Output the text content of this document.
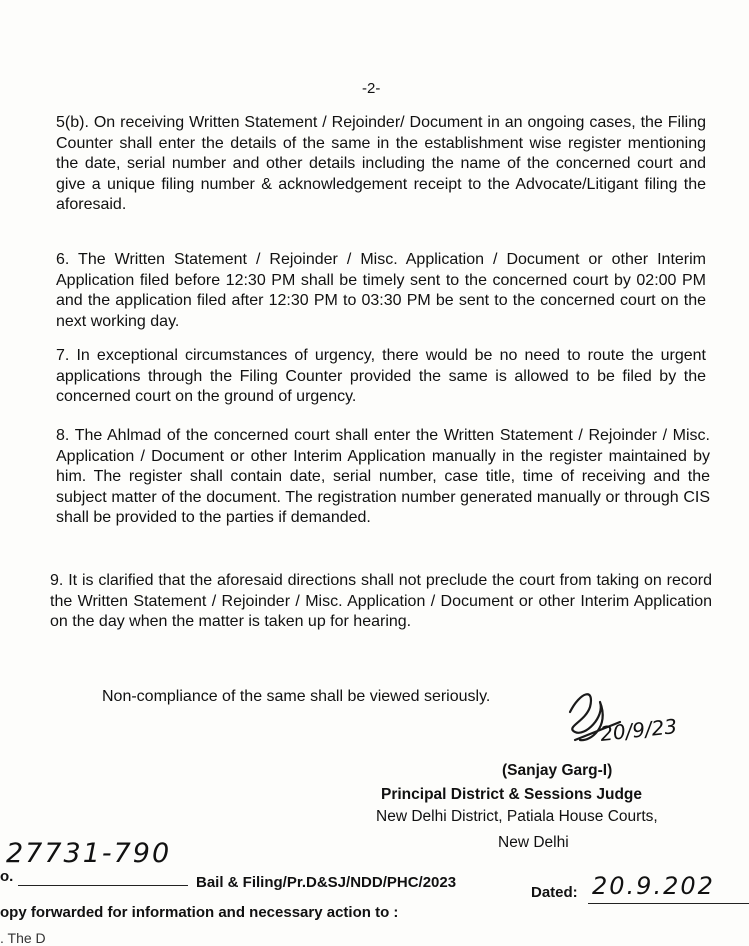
-2-
5(b). On receiving Written Statement / Rejoinder/ Document in an ongoing cases, the Filing Counter shall enter the details of the same in the establishment wise register mentioning the date, serial number and other details including the name of the concerned court and give a unique filing number & acknowledgement receipt to the Advocate/Litigant filing the aforesaid.
6. The Written Statement / Rejoinder / Misc. Application / Document or other Interim Application filed before 12:30 PM shall be timely sent to the concerned court by 02:00 PM and the application filed after 12:30 PM to 03:30 PM be sent to the concerned court on the next working day.
7. In exceptional circumstances of urgency, there would be no need to route the urgent applications through the Filing Counter provided the same is allowed to be filed by the concerned court on the ground of urgency.
8. The Ahlmad of the concerned court shall enter the Written Statement / Rejoinder / Misc. Application / Document or other Interim Application manually in the register maintained by him. The register shall contain date, serial number, case title, time of receiving and the subject matter of the document. The registration number generated manually or through CIS shall be provided to the parties if demanded.
9. It is clarified that the aforesaid directions shall not preclude the court from taking on record the Written Statement / Rejoinder / Misc. Application / Document or other Interim Application on the day when the matter is taken up for hearing.
Non-compliance of the same shall be viewed seriously.
20/9/23
(Sanjay Garg-I)
Principal District & Sessions Judge
New Delhi District, Patiala House Courts,
New Delhi
27731-790
o.	Bail & Filing/Pr.D&SJ/NDD/PHC/2023
Dated: 20.9.202
opy forwarded for information and necessary action to :
. The D
